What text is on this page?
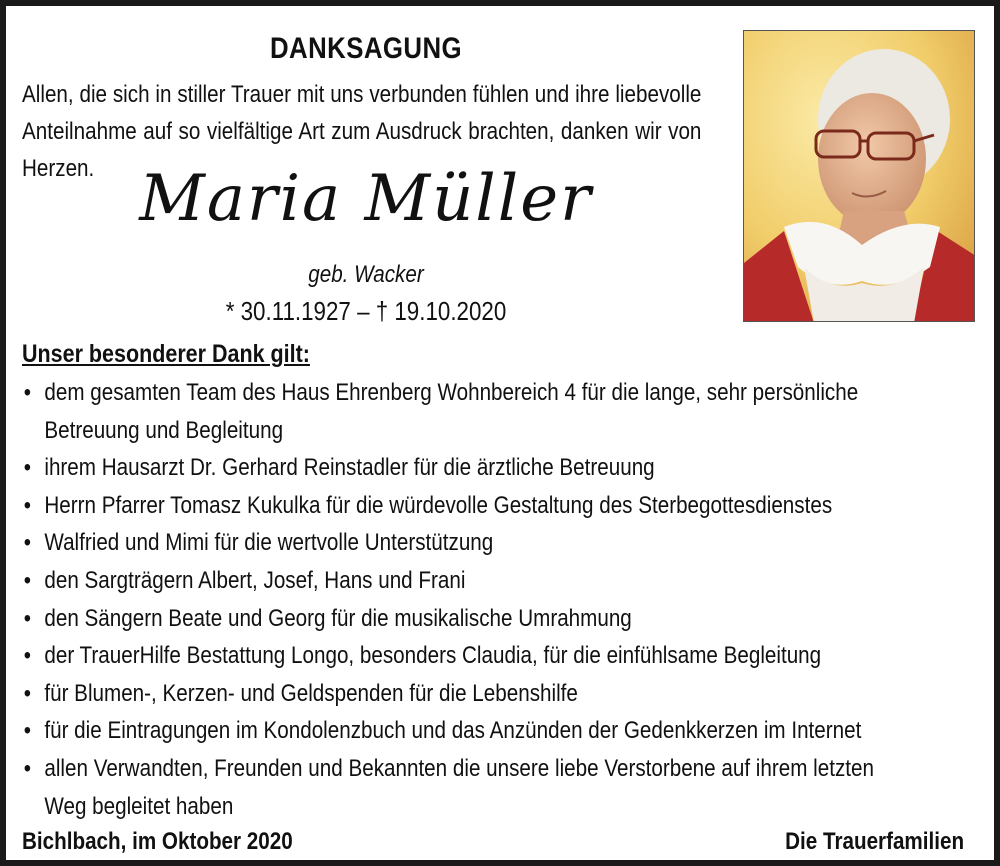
DANKSAGUNG
Allen, die sich in stiller Trauer mit uns verbunden fühlen und ihre liebevolle Anteilnahme auf so vielfältige Art zum Ausdruck brachten, danken wir von Herzen. Maria Müller
geb. Wacker
* 30.11.1927 – † 19.10.2020
Unser besonderer Dank gilt:
• dem gesamten Team des Haus Ehrenberg Wohnbereich 4 für die lange, sehr persönliche Betreuung und Begleitung
• ihrem Hausarzt Dr. Gerhard Reinstadler für die ärztliche Betreuung
• Herrn Pfarrer Tomasz Kukulka für die würdevolle Gestaltung des Sterbegottesdienstes
• Walfried und Mimi für die wertvolle Unterstützung
• den Sargträgern Albert, Josef, Hans und Frani
• den Sängern Beate und Georg für die musikalische Umrahmung
• der TrauerHilfe Bestattung Longo, besonders Claudia, für die einfühlsame Begleitung
• für Blumen-, Kerzen- und Geldspenden für die Lebenshilfe
• für die Eintragungen im Kondolenzbuch und das Anzünden der Gedenkkerzen im Internet
• allen Verwandten, Freunden und Bekannten die unsere liebe Verstorbene auf ihrem letzten Weg begleitet haben
Bichlbach, im Oktober 2020	Die Trauerfamilien
